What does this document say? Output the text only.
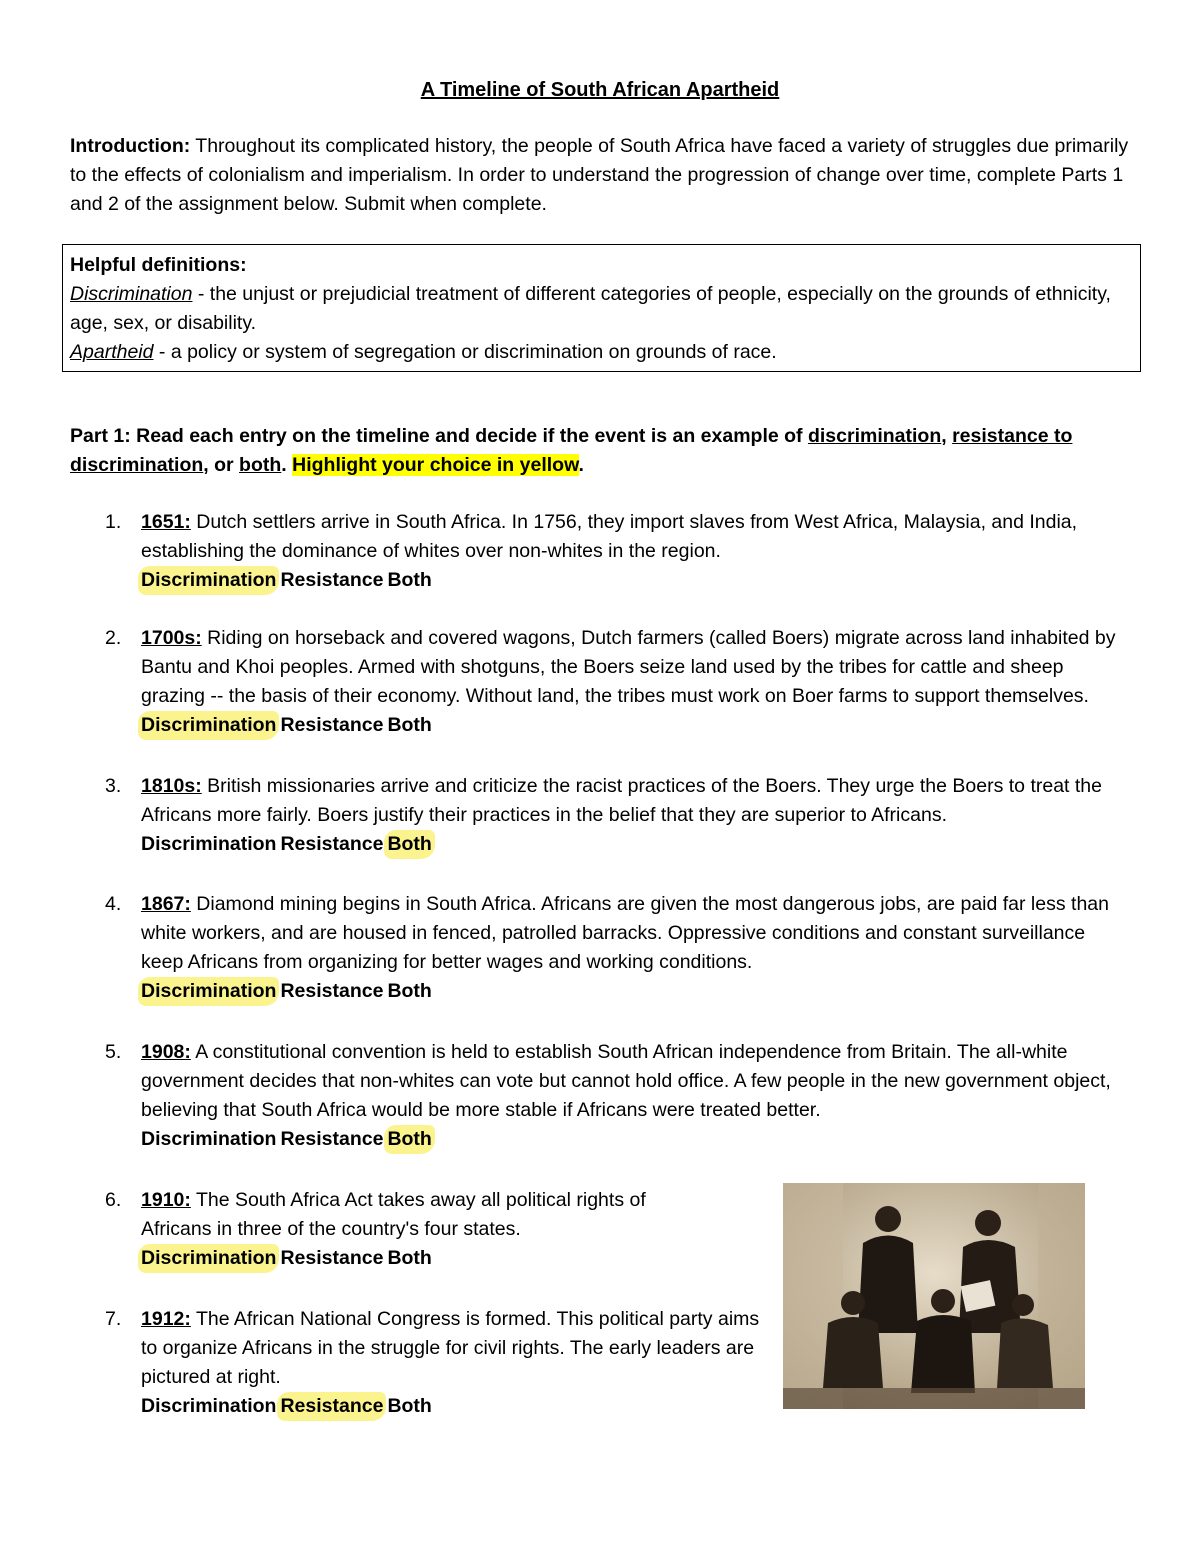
A Timeline of South African Apartheid
Introduction: Throughout its complicated history, the people of South Africa have faced a variety of struggles due primarily to the effects of colonialism and imperialism. In order to understand the progression of change over time, complete Parts 1 and 2 of the assignment below. Submit when complete.
Helpful definitions:
Discrimination - the unjust or prejudicial treatment of different categories of people, especially on the grounds of ethnicity, age, sex, or disability.
Apartheid - a policy or system of segregation or discrimination on grounds of race.
Part 1: Read each entry on the timeline and decide if the event is an example of discrimination, resistance to discrimination, or both. Highlight your choice in yellow.
1. 1651: Dutch settlers arrive in South Africa. In 1756, they import slaves from West Africa, Malaysia, and India, establishing the dominance of whites over non-whites in the region.
Discrimination Resistance Both
2. 1700s: Riding on horseback and covered wagons, Dutch farmers (called Boers) migrate across land inhabited by Bantu and Khoi peoples. Armed with shotguns, the Boers seize land used by the tribes for cattle and sheep grazing -- the basis of their economy. Without land, the tribes must work on Boer farms to support themselves.   Discrimination Resistance Both
3. 1810s: British missionaries arrive and criticize the racist practices of the Boers. They urge the Boers to treat the Africans more fairly. Boers justify their practices in the belief that they are superior to Africans.   Discrimination Resistance Both
4. 1867: Diamond mining begins in South Africa. Africans are given the most dangerous jobs, are paid far less than white workers, and are housed in fenced, patrolled barracks. Oppressive conditions and constant surveillance keep Africans from organizing for better wages and working conditions.
Discrimination Resistance Both
5. 1908: A constitutional convention is held to establish South African independence from Britain. The all-white government decides that non-whites can vote but cannot hold office. A few people in the new government object, believing that South Africa would be more stable if Africans were treated better.
Discrimination Resistance Both
6. 1910: The South Africa Act takes away all political rights of Africans in three of the country's four states.
Discrimination Resistance Both
7. 1912: The African National Congress is formed. This political party aims to organize Africans in the struggle for civil rights. The early leaders are pictured at right.
Discrimination Resistance Both
